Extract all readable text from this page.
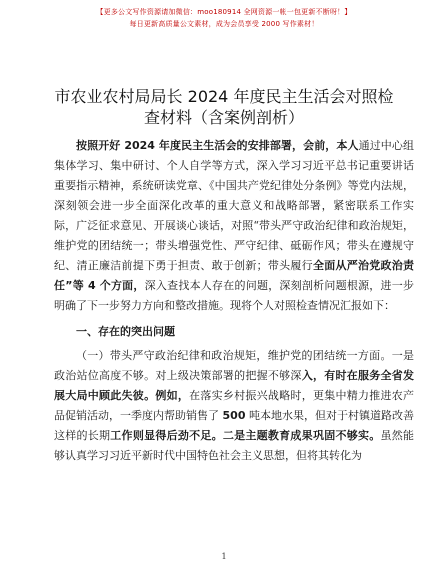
【更多公文写作资源请加微信：moo180914 全网资源一帐一包更新不断呀！】
每日更新高质量公文素材，成为会员享受 2000 写作素材！
市农业农村局局长 2024 年度民主生活会对照检
查材料（含案例剖析）

按照开好 2024 年度民主生活会的安排部署，会前，本人通过中心组集体学习、集中研讨、个人自学等方式，深入学习习近平总书记重要讲话重要指示精神，系统研读党章、《中国共产党纪律处分条例》等党内法规，深刻领会进一步全面深化改革的重大意义和战略部署，紧密联系工作实际，广泛征求意见、开展谈心谈话，对照“带头严守政治纪律和政治规矩，维护党的团结统一；带头增强党性、严守纪律、砥砺作风；带头在遵规守纪、清正廉洁前提下勇于担责、敢于创新；带头履行全面从严治党政治责任”等 4 个方面，深入查找本人存在的问题，深刻剖析问题根源，进一步明确了下一步努力方向和整改措施。现将个人对照检查情况汇报如下：

一、存在的突出问题

（一）带头严守政治纪律和政治规矩，维护党的团结统一方面。一是政治站位高度不够。对上级决策部署的把握不够深入，有时在服务全省发展大局中顾此失彼。例如，在落实乡村振兴战略时，更集中精力推进农产品促销活动，一季度内帮助销售了 500 吨本地水果，但对于村镇道路改善这样的长期工作则显得后劲不足。二是主题教育成果巩固不够实。虽然能够认真学习习近平新时代中国特色社会主义思想，但将其转化为

1
